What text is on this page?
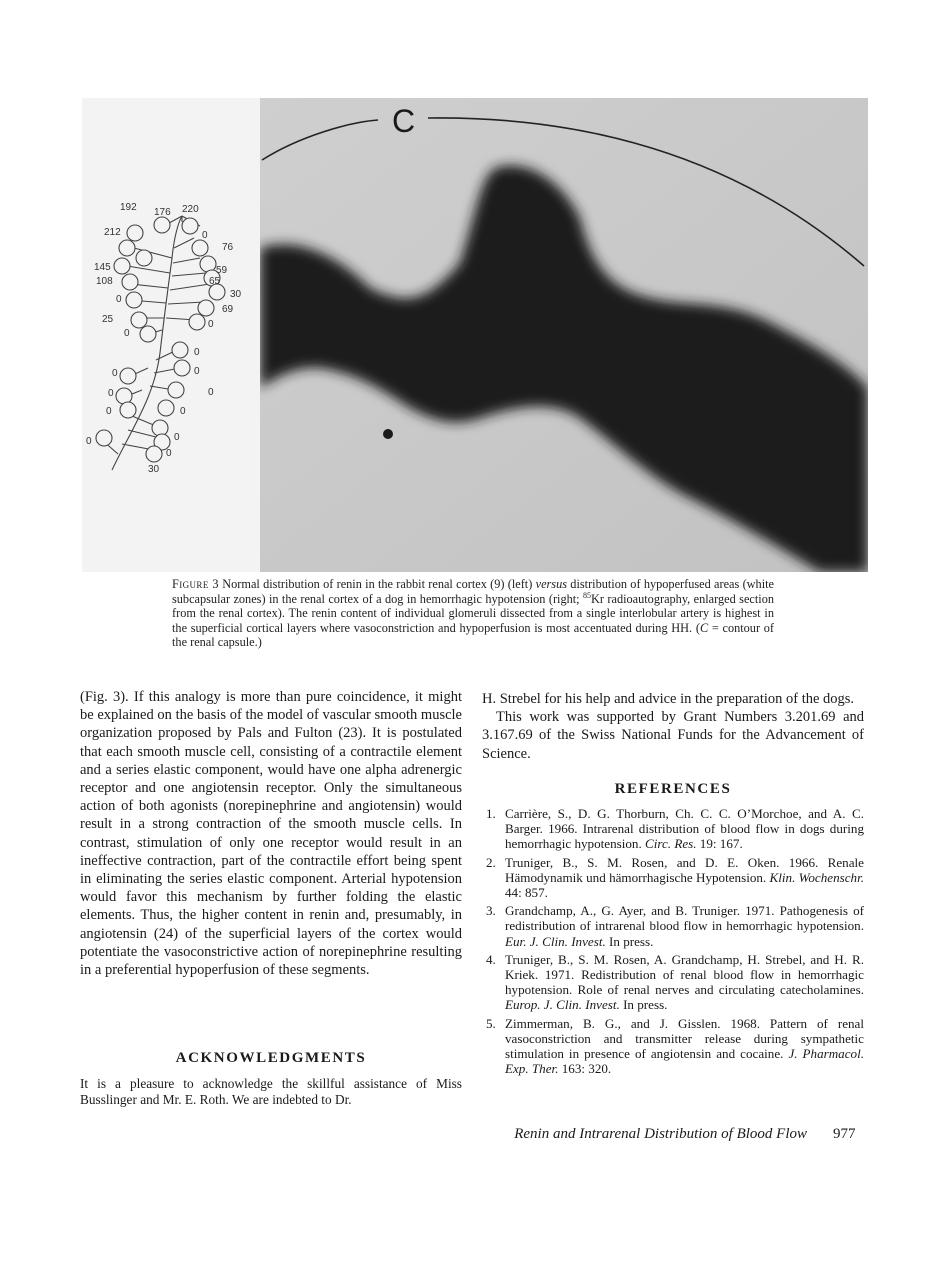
192 176 220
212	0
76
145	59
108	65
0	30
69
25
0
0
0
0
0
0
0
0	0
0
0
0
30
C
Figure 3 Normal distribution of renin in the rabbit renal cortex (9) (left) versus distribution of hypoperfused areas (white subcapsular zones) in the renal cortex of a dog in hemorrhagic hypotension (right; $^{85}$Kr radioautography, enlarged section from the renal cortex). The renin content of individual glomeruli dissected from a single interlobular artery is highest in the superficial cortical layers where vasoconstriction and hypoperfusion is most accentuated during HH. (C = contour of the renal capsule.)

(Fig. 3). If this analogy is more than pure coincidence, it might be explained on the basis of the model of vascular smooth muscle organization proposed by Pals and Fulton (23). It is postulated that each smooth muscle cell, consisting of a contractile element and a series elastic component, would have one alpha adrenergic receptor and one angiotensin receptor. Only the simultaneous action of both agonists (norepinephrine and angiotensin) would result in a strong contraction of the smooth muscle cells. In contrast, stimulation of only one receptor would result in an ineffective contraction, part of the contractile effort being spent in eliminating the series elastic component. Arterial hypotension would favor this mechanism by further folding the elastic elements. Thus, the higher content in renin and, presumably, in angiotensin (24) of the superficial layers of the cortex would potentiate the vasoconstrictive action of norepinephrine resulting in a preferential hypoperfusion of these segments.

ACKNOWLEDGMENTS
It is a pleasure to acknowledge the skillful assistance of Miss Busslinger and Mr. E. Roth. We are indebted to Dr.

H. Strebel for his help and advice in the preparation of the dogs.

This work was supported by Grant Numbers 3.201.69 and 3.167.69 of the Swiss National Funds for the Advancement of Science.

REFERENCES
1. Carrière, S., D. G. Thorburn, Ch. C. C. O’Morchoe, and A. C. Barger. 1966. Intrarenal distribution of blood flow in dogs during hemorrhagic hypotension. Circ. Res. 19: 167.
2. Truniger, B., S. M. Rosen, and D. E. Oken. 1966. Renale Hämodynamik und hämorrhagische Hypotension. Klin. Wochenschr. 44: 857.
3. Grandchamp, A., G. Ayer, and B. Truniger. 1971. Pathogenesis of redistribution of intrarenal blood flow in hemorrhagic hypotension. Eur. J. Clin. Invest. In press.
4. Truniger, B., S. M. Rosen, A. Grandchamp, H. Strebel, and H. R. Kriek. 1971. Redistribution of renal blood flow in hemorrhagic hypotension. Role of renal nerves and circulating catecholamines. Europ. J. Clin. Invest. In press.
5. Zimmerman, B. G., and J. Gisslen. 1968. Pattern of renal vasoconstriction and transmitter release during sympathetic stimulation in presence of angiotensin and cocaine. J. Pharmacol. Exp. Ther. 163: 320.
Renin and Intrarenal Distribution of Blood Flow 977
